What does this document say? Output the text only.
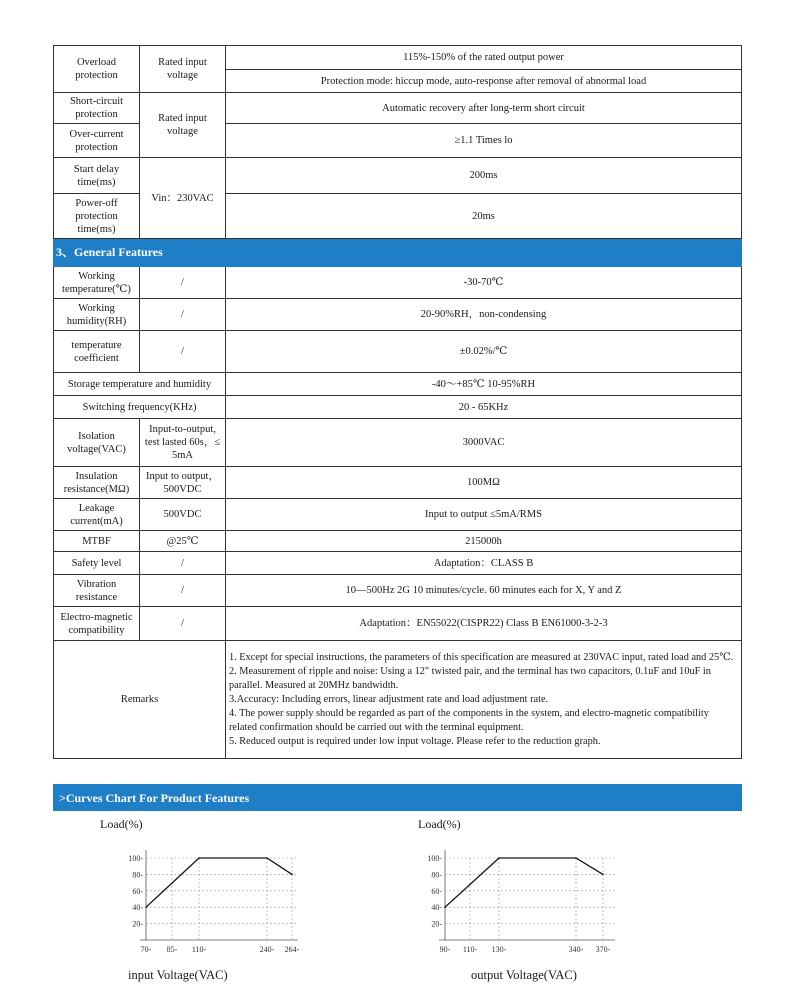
Overload protection	Rated input voltage	115%-150% of the rated output power
		Protection mode: hiccup mode, auto-response after removal of abnormal load
Short-circuit protection	Rated input voltage	Automatic recovery after long-term short circuit
Over-current protection		≥1.1 Times lo
Start delay time(ms)	Vin：230VAC	200ms
Power-off protection time(ms)		20ms
3、General Features		
Working temperature(℃)	/	-30-70℃
Working humidity(RH)	/	20-90%RH，non-condensing
temperature coefficient	/	±0.02%/℃
Storage temperature and humidity		-40～+85℃ 10-95%RH
Switching frequency(KHz)		20 - 65KHz
Isolation voltage(VAC)	Input-to-output, test lasted 60s，≤ 5mA	3000VAC
Insulation resistance(MΩ)	Input to output，500VDC	100MΩ
Leakage current(mA)	500VDC	Input to output ≤5mA/RMS
MTBF	@25℃	215000h
Safety level	/	Adaptation：CLASS B
Vibration resistance	/	10—500Hz 2G 10 minutes/cycle. 60 minutes each for X, Y and Z
Electro-magnetic compatibility	/	Adaptation：EN55022(CISPR22) Class B EN61000-3-2-3
Remarks		1. Except for special instructions, the parameters of this specification are measured at 230VAC input, rated load and 25℃.
2. Measurement of ripple and noise: Using a 12" twisted pair, and the terminal has two capacitors, 0.1uF and 10uF in parallel. Measured at 20MHz bandwidth.
3.Accuracy: Including errors, linear adjustment rate and load adjustment rate.
4. The power supply should be regarded as part of the components in the system, and electro-magnetic compatibility related confirmation should be carried out with the terminal equipment.
5. Reduced output is required under low input voltage. Please refer to the reduction graph.
>Curves Chart For Product Features
Load(%)	Load(%)
100-
80-
60-
40-
20-
70- 85- 110-	240- 264-
100-
80-
60-
40-
20-
90- 110- 130-	340- 370-
input Voltage(VAC)	output Voltage(VAC)
